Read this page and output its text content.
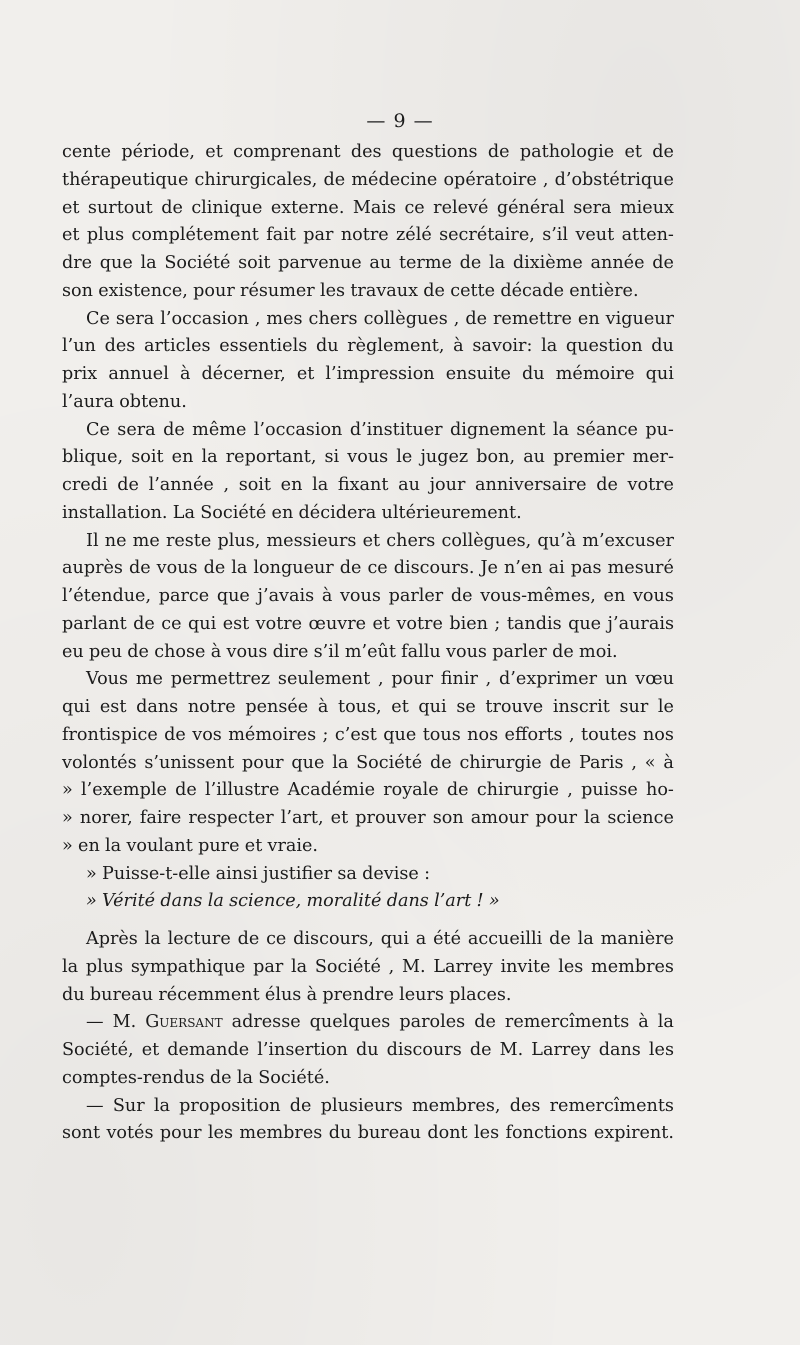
— 9 —
cente période, et comprenant des questions de pathologie et de
thérapeutique chirurgicales, de médecine opératoire , d’obstétrique
et surtout de clinique externe. Mais ce relevé général sera mieux
et plus complétement fait par notre zélé secrétaire, s’il veut atten-
dre que la Société soit parvenue au terme de la dixième année de
son existence, pour résumer les travaux de cette décade entière.
Ce sera l’occasion , mes chers collègues , de remettre en vigueur
l’un des articles essentiels du règlement, à savoir: la question du
prix annuel à décerner, et l’impression ensuite du mémoire qui
l’aura obtenu.
Ce sera de même l’occasion d’instituer dignement la séance pu-
blique, soit en la reportant, si vous le jugez bon, au premier mer-
credi de l’année , soit en la fixant au jour anniversaire de votre
installation. La Société en décidera ultérieurement.
Il ne me reste plus, messieurs et chers collègues, qu’à m’excuser
auprès de vous de la longueur de ce discours. Je n’en ai pas mesuré
l’étendue, parce que j’avais à vous parler de vous-mêmes, en vous
parlant de ce qui est votre œuvre et votre bien ; tandis que j’aurais
eu peu de chose à vous dire s’il m’eût fallu vous parler de moi.
Vous me permettrez seulement , pour finir , d’exprimer un vœu
qui est dans notre pensée à tous, et qui se trouve inscrit sur le
frontispice de vos mémoires ; c’est que tous nos efforts , toutes nos
volontés s’unissent pour que la Société de chirurgie de Paris , « à
» l’exemple de l’illustre Académie royale de chirurgie , puisse ho-
» norer, faire respecter l’art, et prouver son amour pour la science
» en la voulant pure et vraie.
» Puisse-t-elle ainsi justifier sa devise :
» Vérité dans la science, moralité dans l’art ! »
Après la lecture de ce discours, qui a été accueilli de la manière
la plus sympathique par la Société , M. Larrey invite les membres
du bureau récemment élus à prendre leurs places.
— M. Guersant adresse quelques paroles de remercîments à la
Société, et demande l’insertion du discours de M. Larrey dans les
comptes-rendus de la Société.
— Sur la proposition de plusieurs membres, des remercîments
sont votés pour les membres du bureau dont les fonctions expirent.
